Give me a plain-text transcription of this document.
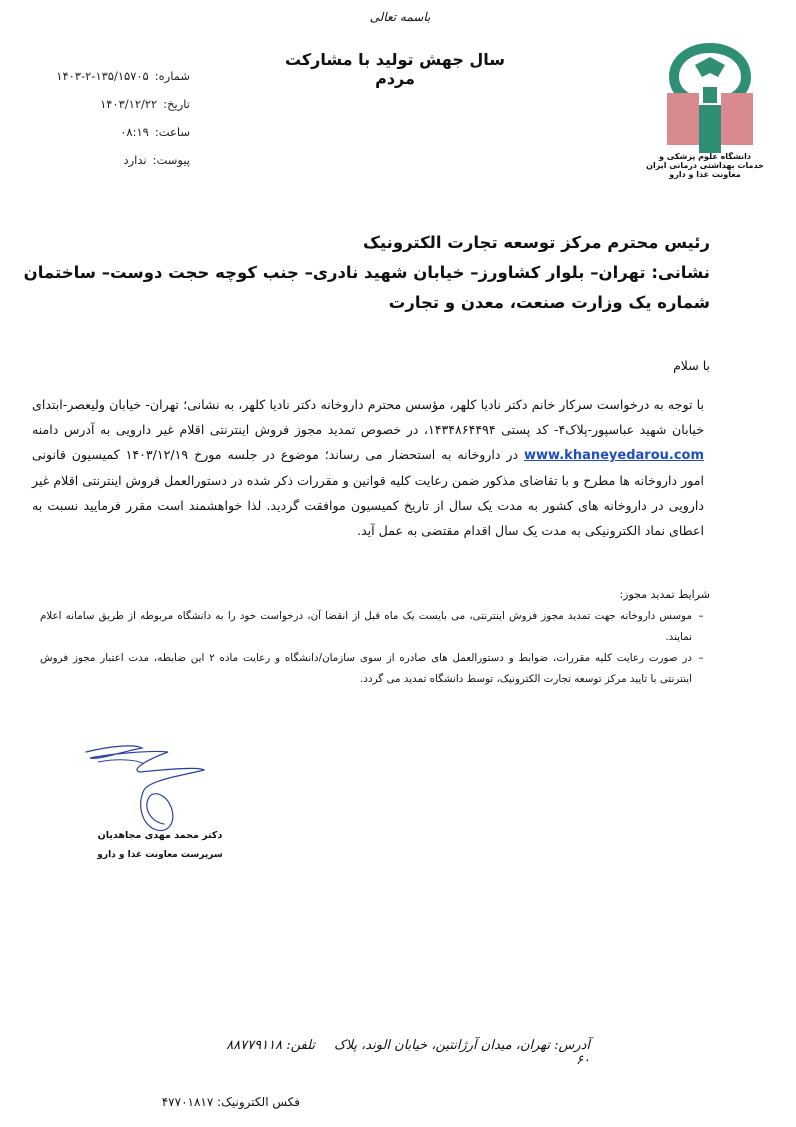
باسمه تعالی
سال جهش تولید با مشارکت مردم
شماره:
۱۴۰۳-۲-۱۳۵/۱۵۷۰۵
تاریخ:
۱۴۰۳/۱۲/۲۲
ساعت:
۰۸:۱۹
پیوست:
ندارد	دانشگاه علوم پزشکی و خدمات بهداشتی درمانی ایران
معاونت غذا و دارو
رئیس محترم مرکز توسعه تجارت الکترونیک
نشانی: تهران– بلوار کشاورز– خیابان شهید نادری– جنب کوچه حجت دوست– ساختمان
شماره یک وزارت صنعت، معدن و تجارت
با سلام
با توجه به درخواست سرکار خانم دکتر نادیا کلهر، مؤسس محترم داروخانه دکتر نادیا کلهر، به نشانی؛ تهران- خیابان ولیعصر-ابتدای خیابان شهید عباسپور-پلاک۴- کد پستی ۱۴۳۴۸۶۴۴۹۴، در خصوص تمدید مجوز فروش اینترنتی اقلام غیر دارویی به آدرس دامنه www.khaneyedarou.com در داروخانه به استحضار می رساند؛ موضوع در جلسه مورخ ۱۴۰۳/۱۲/۱۹ کمیسیون قانونی امور داروخانه ها مطرح و با تقاضای مذکور ضمن رعایت کلیه قوانین و مقررات ذکر شده در دستورالعمل فروش اینترنتی اقلام غیر دارویی در داروخانه های کشور به مدت یک سال از تاریخ کمیسیون موافقت گردید. لذا خواهشمند است مقرر فرمایید نسبت به اعطای نماد الکترونیکی به مدت یک سال اقدام مقتضی به عمل آید.
شرایط تمدید مجوز:
–
موسس داروخانه جهت تمدید مجوز فروش اینترنتی، می بایست یک ماه قبل از انقضا آن، درخواست خود را به دانشگاه مربوطه از طریق سامانه اعلام نمایند.
–
در صورت رعایت کلیه مقررات، ضوابط و دستورالعمل های صادره از سوی سازمان/دانشگاه و رعایت ماده ۲ این ضابطه، مدت اعتبار مجوز فروش اینترنتی با تایید مرکز توسعه تجارت الکترونیک، توسط دانشگاه تمدید می گردد.
دکتر محمد مهدی مجاهدیان
سرپرست معاونت غذا و دارو
آدرس: تهران، میدان آرژانتین، خیابان الوند، پلاک ۶۰
تلفن: ۸۸۷۷۹۱۱۸
فکس الکترونیک: ۴۷۷۰۱۸۱۷
